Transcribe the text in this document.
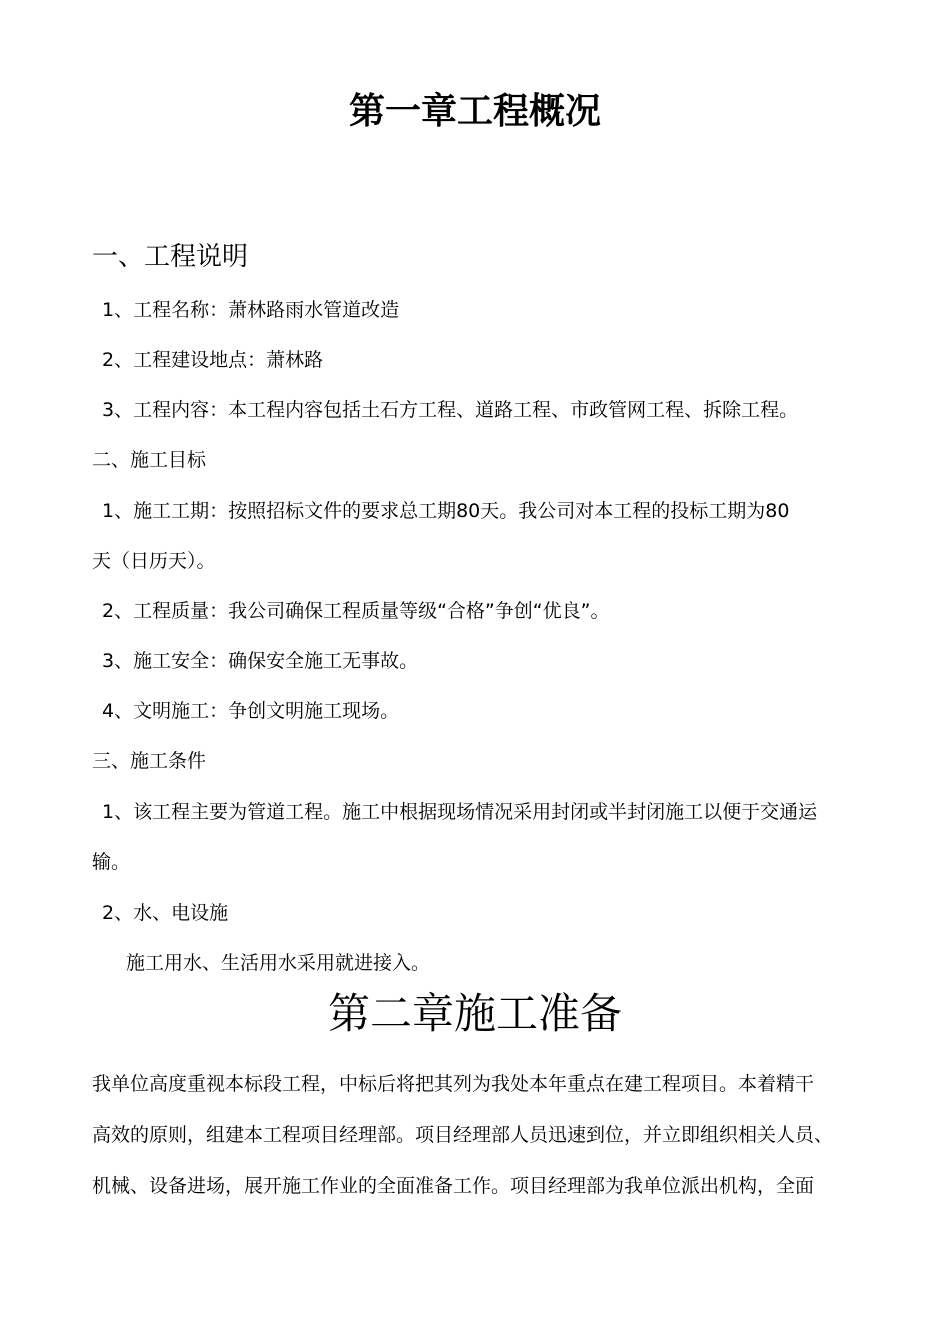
第一章工程概况
一、工程说明
1、工程名称：萧林路雨水管道改造
2、工程建设地点：萧林路
3、工程内容：本工程内容包括土石方工程、道路工程、市政管网工程、拆除工程。
二、施工目标
1、施工工期：按照招标文件的要求总工期80天。我公司对本工程的投标工期为80
天（日历天）。
2、工程质量：我公司确保工程质量等级“合格”争创“优良”。
3、施工安全：确保安全施工无事故。
4、文明施工：争创文明施工现场。
三、施工条件
1、该工程主要为管道工程。施工中根据现场情况采用封闭或半封闭施工以便于交通运
输。
2、水、电设施
施工用水、生活用水采用就进接入。
第二章施工准备
我单位高度重视本标段工程，中标后将把其列为我处本年重点在建工程项目。本着精干
高效的原则，组建本工程项目经理部。项目经理部人员迅速到位，并立即组织相关人员、
机械、设备进场，展开施工作业的全面准备工作。项目经理部为我单位派出机构，全面
